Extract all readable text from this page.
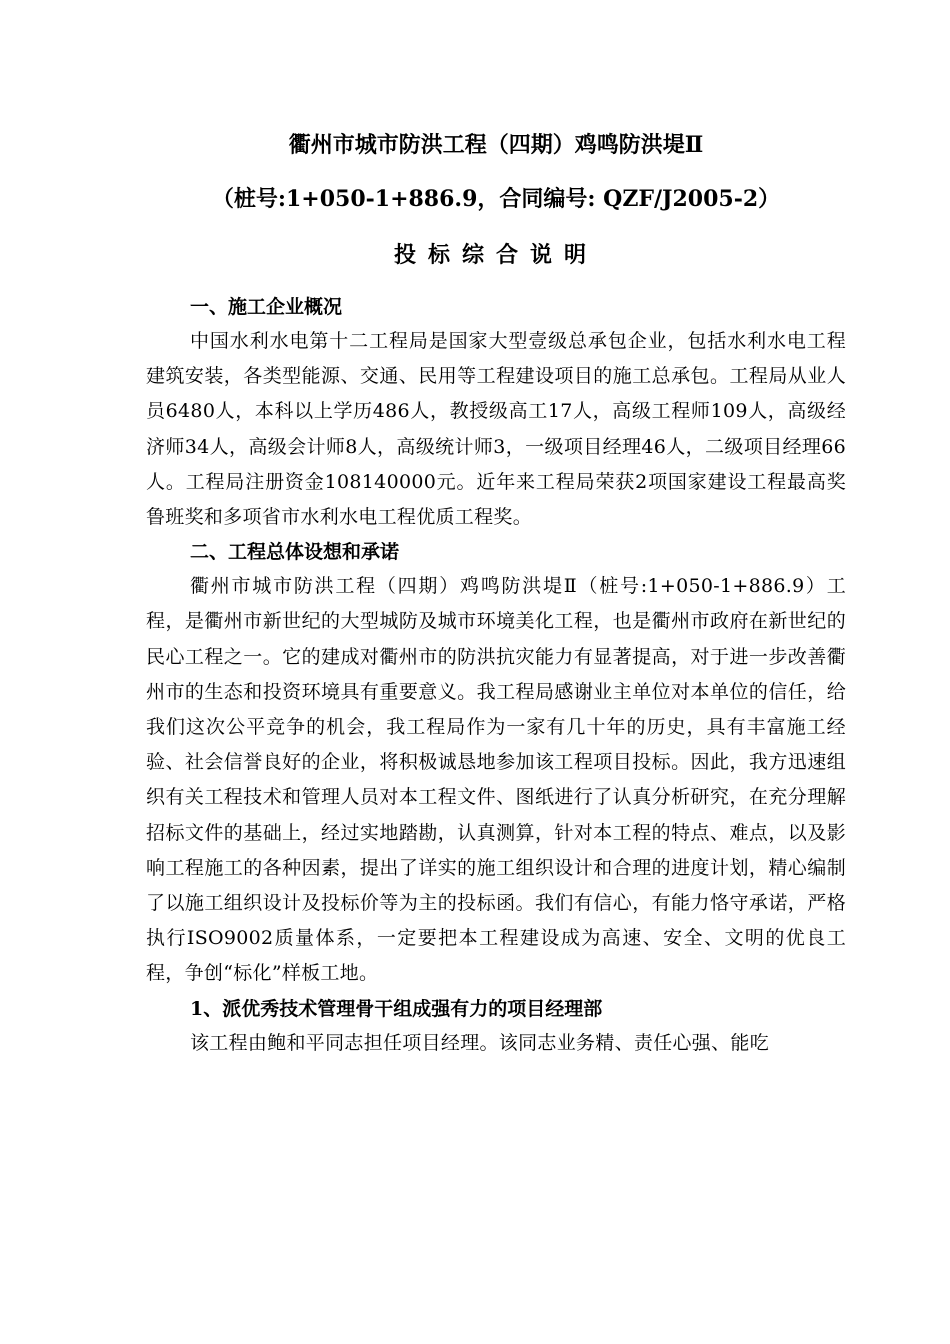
衢州市城市防洪工程（四期）鸡鸣防洪堤Ⅱ

（桩号:1+050-1+886.9，合同编号: QZF/J2005-2）

投标综合说明

一、施工企业概况

中国水利水电第十二工程局是国家大型壹级总承包企业，包括水利水电工程建筑安装，各类型能源、交通、民用等工程建设项目的施工总承包。工程局从业人员6480人，本科以上学历486人，教授级高工17人，高级工程师109人，高级经济师34人，高级会计师8人，高级统计师3，一级项目经理46人，二级项目经理66人。工程局注册资金108140000元。近年来工程局荣获2项国家建设工程最高奖鲁班奖和多项省市水利水电工程优质工程奖。

二、工程总体设想和承诺

衢州市城市防洪工程（四期）鸡鸣防洪堤Ⅱ（桩号:1+050-1+886.9）工程，是衢州市新世纪的大型城防及城市环境美化工程，也是衢州市政府在新世纪的民心工程之一。它的建成对衢州市的防洪抗灾能力有显著提高，对于进一步改善衢州市的生态和投资环境具有重要意义。我工程局感谢业主单位对本单位的信任，给我们这次公平竞争的机会，我工程局作为一家有几十年的历史，具有丰富施工经验、社会信誉良好的企业，将积极诚恳地参加该工程项目投标。因此，我方迅速组织有关工程技术和管理人员对本工程文件、图纸进行了认真分析研究，在充分理解招标文件的基础上，经过实地踏勘，认真测算，针对本工程的特点、难点，以及影响工程施工的各种因素，提出了详实的施工组织设计和合理的进度计划，精心编制了以施工组织设计及投标价等为主的投标函。我们有信心，有能力恪守承诺，严格执行ISO9002质量体系，一定要把本工程建设成为高速、安全、文明的优良工程，争创“标化”样板工地。

1、派优秀技术管理骨干组成强有力的项目经理部

该工程由鲍和平同志担任项目经理。该同志业务精、责任心强、能吃
